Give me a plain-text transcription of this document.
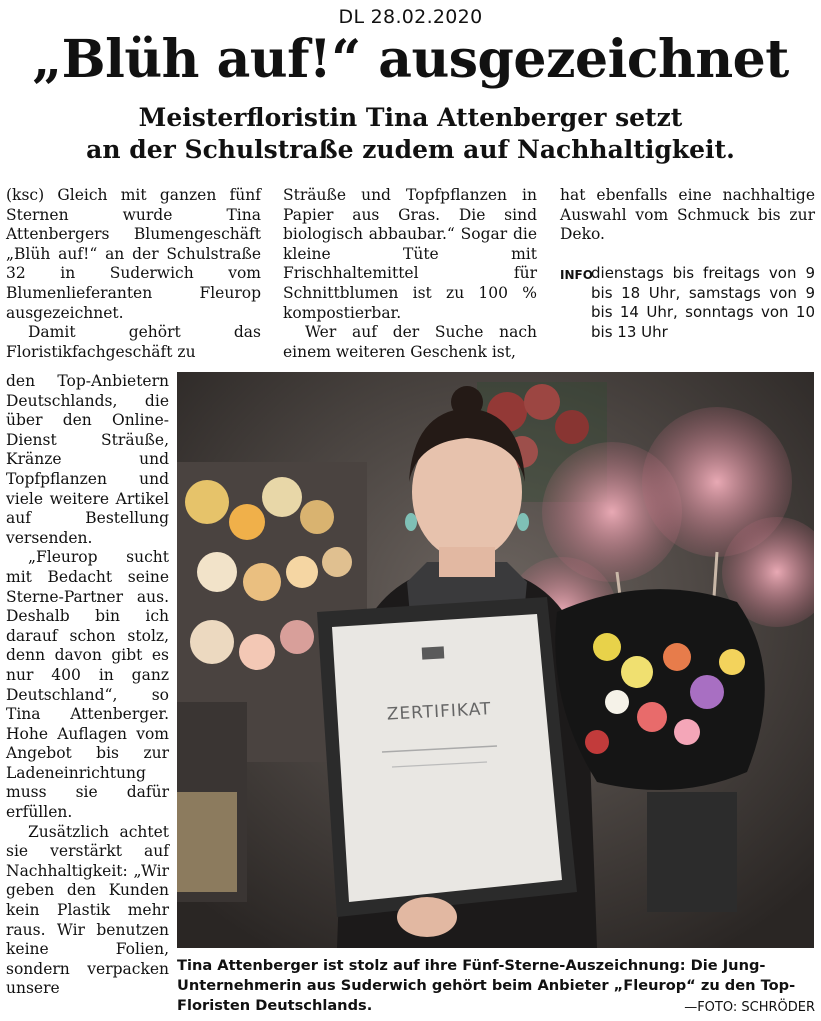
DL 28.02.2020
„Blüh auf!“ ausgezeichnet
Meisterfloristin Tina Attenberger setzt
an der Schulstraße zudem auf Nachhaltigkeit.

(ksc) Gleich mit ganzen fünf Sternen wurde Tina Attenbergers Blumengeschäft „Blüh auf!“ an der Schulstraße 32 in Suderwich vom Blumenlieferanten Fleurop ausgezeichnet.

Damit gehört das Floristikfachgeschäft zu

den Top-Anbietern Deutschlands, die über den Online-Dienst Sträuße, Kränze und Topfpflanzen und viele weitere Artikel auf Bestellung versenden.

„Fleurop sucht mit Bedacht seine Sterne-Partner aus. Deshalb bin ich darauf schon stolz, denn davon gibt es nur 400 in ganz Deutschland“, so Tina Attenberger. Hohe Auflagen vom Angebot bis zur Ladeneinrichtung muss sie dafür erfüllen.

Zusätzlich achtet sie verstärkt auf Nachhaltigkeit: „Wir geben den Kunden kein Plastik mehr raus. Wir benutzen keine Folien, sondern verpacken unsere

Sträuße und Topfpflanzen in Papier aus Gras. Die sind biologisch abbaubar.“ Sogar die kleine Tüte mit Frischhaltemittel für Schnittblumen ist zu 100 % kompostierbar.

Wer auf der Suche nach einem weiteren Geschenk ist,

hat ebenfalls eine nachhaltige Auswahl vom Schmuck bis zur Deko.

INFO
dienstags bis freitags von 9 bis 18 Uhr, samstags von 9 bis 14 Uhr, sonntags von 10 bis 13 Uhr
ZERTIFIKAT
Tina Attenberger ist stolz auf ihre Fünf-Sterne-Auszeichnung: Die Jung-Unternehmerin aus Suderwich gehört beim Anbieter „Fleurop“ zu den Top-Floristen Deutschlands.	—FOTO: SCHRÖDER
